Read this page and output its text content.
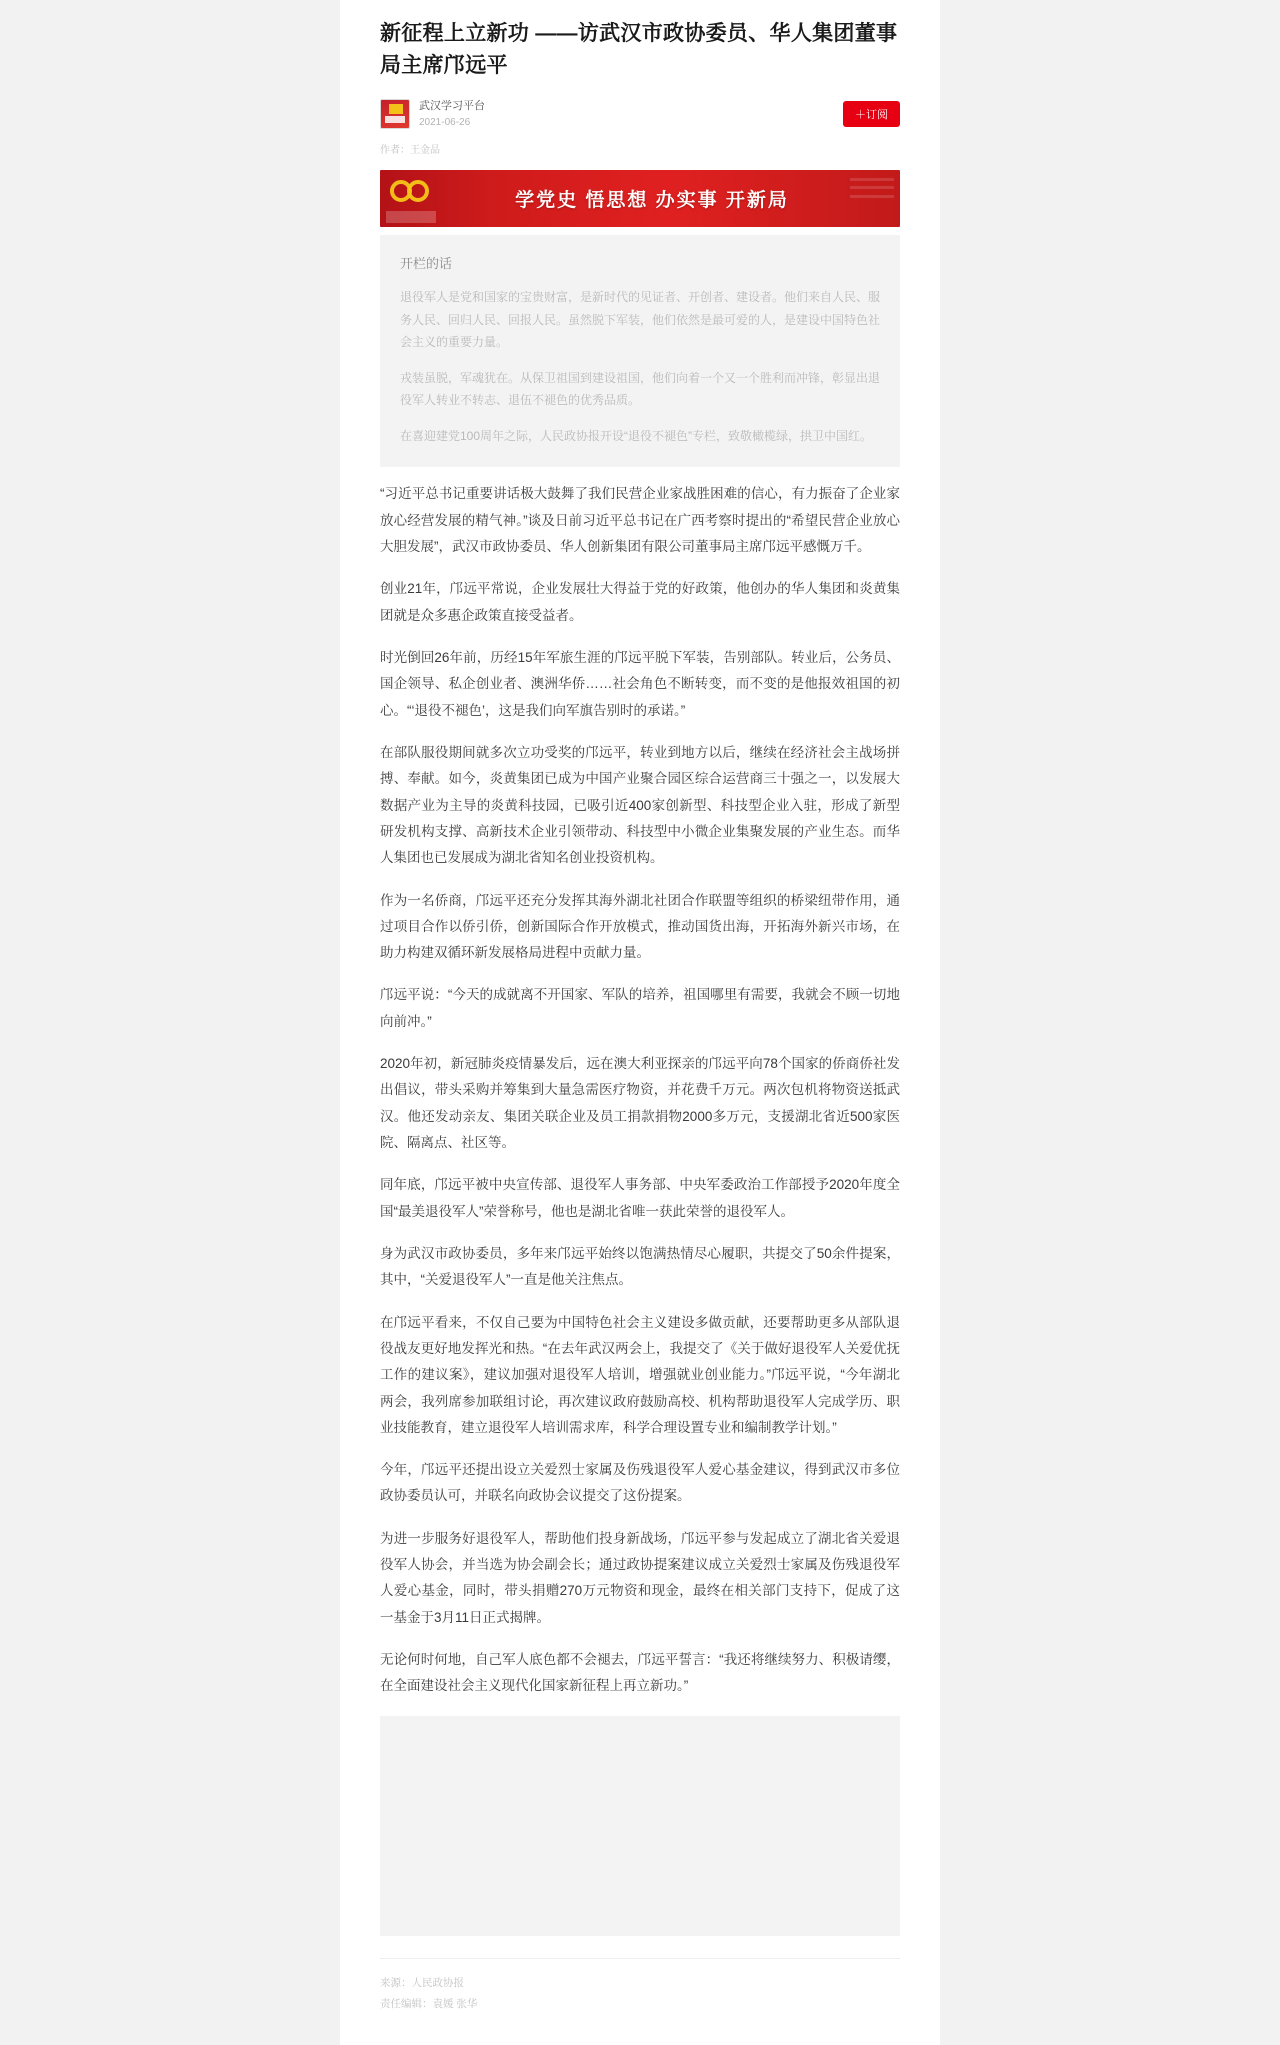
新征程上立新功 ——访武汉市政协委员、华人集团董事局主席邝远平
武汉学习平台
2021-06-26
＋订阅
作者：王金品
学党史 悟思想 办实事 开新局
开栏的话

退役军人是党和国家的宝贵财富，是新时代的见证者、开创者、建设者。他们来自人民、服务人民、回归人民、回报人民。虽然脱下军装，他们依然是最可爱的人，是建设中国特色社会主义的重要力量。

戎装虽脱，军魂犹在。从保卫祖国到建设祖国，他们向着一个又一个胜利而冲锋，彰显出退役军人转业不转志、退伍不褪色的优秀品质。

在喜迎建党100周年之际，人民政协报开设“退役不褪色”专栏，致敬橄榄绿，拱卫中国红。

“习近平总书记重要讲话极大鼓舞了我们民营企业家战胜困难的信心，有力振奋了企业家放心经营发展的精气神。”谈及日前习近平总书记在广西考察时提出的“希望民营企业放心大胆发展”，武汉市政协委员、华人创新集团有限公司董事局主席邝远平感慨万千。

创业21年，邝远平常说，企业发展壮大得益于党的好政策，他创办的华人集团和炎黄集团就是众多惠企政策直接受益者。

时光倒回26年前，历经15年军旅生涯的邝远平脱下军装，告别部队。转业后，公务员、国企领导、私企创业者、澳洲华侨……社会角色不断转变，而不变的是他报效祖国的初心。“‘退役不褪色’，这是我们向军旗告别时的承诺。”

在部队服役期间就多次立功受奖的邝远平，转业到地方以后，继续在经济社会主战场拼搏、奉献。如今，炎黄集团已成为中国产业聚合园区综合运营商三十强之一，以发展大数据产业为主导的炎黄科技园，已吸引近400家创新型、科技型企业入驻，形成了新型研发机构支撑、高新技术企业引领带动、科技型中小微企业集聚发展的产业生态。而华人集团也已发展成为湖北省知名创业投资机构。

作为一名侨商，邝远平还充分发挥其海外湖北社团合作联盟等组织的桥梁纽带作用，通过项目合作以侨引侨，创新国际合作开放模式，推动国货出海，开拓海外新兴市场，在助力构建双循环新发展格局进程中贡献力量。

邝远平说：“今天的成就离不开国家、军队的培养，祖国哪里有需要，我就会不顾一切地向前冲。”

2020年初，新冠肺炎疫情暴发后，远在澳大利亚探亲的邝远平向78个国家的侨商侨社发出倡议，带头采购并筹集到大量急需医疗物资，并花费千万元。两次包机将物资送抵武汉。他还发动亲友、集团关联企业及员工捐款捐物2000多万元，支援湖北省近500家医院、隔离点、社区等。

同年底，邝远平被中央宣传部、退役军人事务部、中央军委政治工作部授予2020年度全国“最美退役军人”荣誉称号，他也是湖北省唯一获此荣誉的退役军人。

身为武汉市政协委员，多年来邝远平始终以饱满热情尽心履职，共提交了50余件提案，其中，“关爱退役军人”一直是他关注焦点。

在邝远平看来，不仅自己要为中国特色社会主义建设多做贡献，还要帮助更多从部队退役战友更好地发挥光和热。“在去年武汉两会上，我提交了《关于做好退役军人关爱优抚工作的建议案》，建议加强对退役军人培训，增强就业创业能力。”邝远平说，“今年湖北两会，我列席参加联组讨论，再次建议政府鼓励高校、机构帮助退役军人完成学历、职业技能教育，建立退役军人培训需求库，科学合理设置专业和编制教学计划。”

今年，邝远平还提出设立关爱烈士家属及伤残退役军人爱心基金建议，得到武汉市多位政协委员认可，并联名向政协会议提交了这份提案。

为进一步服务好退役军人，帮助他们投身新战场，邝远平参与发起成立了湖北省关爱退役军人协会，并当选为协会副会长；通过政协提案建议成立关爱烈士家属及伤残退役军人爱心基金，同时，带头捐赠270万元物资和现金，最终在相关部门支持下，促成了这一基金于3月11日正式揭牌。

无论何时何地，自己军人底色都不会褪去，邝远平誓言：“我还将继续努力、积极请缨，在全面建设社会主义现代化国家新征程上再立新功。”

来源：人民政协报
责任编辑：袁媛 张华
